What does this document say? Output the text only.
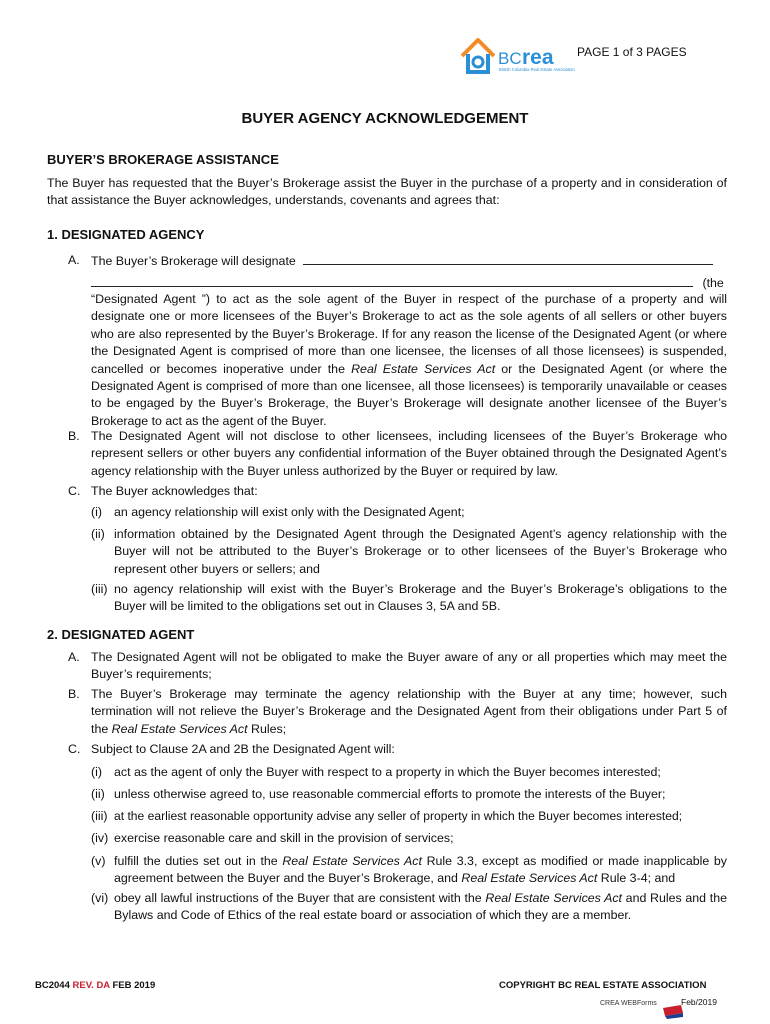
BC rea
British Columbia Real Estate Association
PAGE 1 of 3 PAGES
BUYER AGENCY ACKNOWLEDGEMENT
BUYER’S BROKERAGE ASSISTANCE

The Buyer has requested that the Buyer’s Brokerage assist the Buyer in the purchase of a property and in consideration of that assistance the Buyer acknowledges, understands, covenants and agrees that:

1. DESIGNATED AGENCY
A. The Buyer’s Brokerage will designate
(the

“Designated Agent ”) to act as the sole agent of the Buyer in respect of the purchase of a property and will designate one or more licensees of the Buyer’s Brokerage to act as the sole agents of all sellers or other buyers who are also represented by the Buyer’s Brokerage. If for any reason the license of the Designated Agent (or where the Designated Agent is comprised of more than one licensee, the licenses of all those licensees) is suspended, cancelled or becomes inoperative under the Real Estate Services Act or the Designated Agent (or where the Designated Agent is comprised of more than one licensee, all those licensees) is temporarily unavailable or ceases to be engaged by the Buyer’s Brokerage, the Buyer’s Brokerage will designate another licensee of the Buyer’s Brokerage to act as the agent of the Buyer.

B. The Designated Agent will not disclose to other licensees, including licensees of the Buyer’s Brokerage who represent sellers or other buyers any confidential information of the Buyer obtained through the Designated Agent’s agency relationship with the Buyer unless authorized by the Buyer or required by law.

C. The Buyer acknowledges that:
(i) an agency relationship will exist only with the Designated Agent;

(ii) information obtained by the Designated Agent through the Designated Agent’s agency relationship with the Buyer will not be attributed to the Buyer’s Brokerage or to other licensees of the Buyer’s Brokerage who represent other buyers or sellers; and

(iii) no agency relationship will exist with the Buyer’s Brokerage and the Buyer’s Brokerage’s obligations to the Buyer will be limited to the obligations set out in Clauses 3, 5A and 5B.

2. DESIGNATED AGENT
A. The Designated Agent will not be obligated to make the Buyer aware of any or all properties which may meet the Buyer’s requirements;

B. The Buyer’s Brokerage may terminate the agency relationship with the Buyer at any time; however, such termination will not relieve the Buyer’s Brokerage and the Designated Agent from their obligations under Part 5 of the Real Estate Services Act Rules;

C. Subject to Clause 2A and 2B the Designated Agent will:
(i) act as the agent of only the Buyer with respect to a property in which the Buyer becomes interested;
(ii) unless otherwise agreed to, use reasonable commercial efforts to promote the interests of the Buyer;
(iii) at the earliest reasonable opportunity advise any seller of property in which the Buyer becomes interested;
(iv) exercise reasonable care and skill in the provision of services;
(v) fulfill the duties set out in the Real Estate Services Act Rule 3.3, except as modified or made inapplicable by agreement between the Buyer and the Buyer’s Brokerage, and Real Estate Services Act Rule 3-4; and

(vi) obey all lawful instructions of the Buyer that are consistent with the Real Estate Services Act and Rules and the Bylaws and Code of Ethics of the real estate board or association of which they are a member.

BC2044 REV. DA FEB 2019	COPYRIGHT BC REAL ESTATE ASSOCIATION
CREA WEBForms	Feb/2019
